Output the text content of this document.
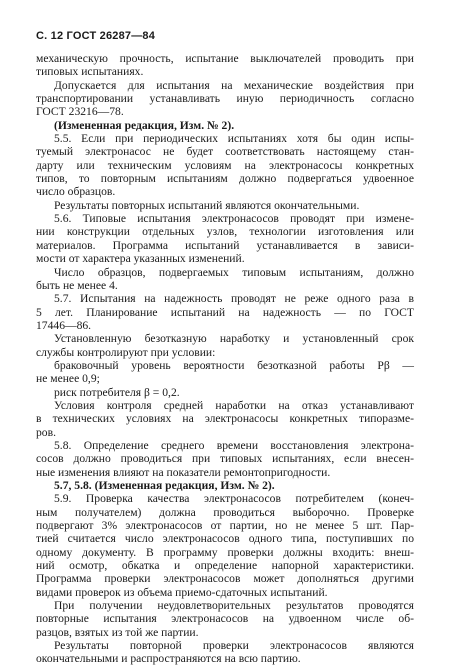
С. 12 ГОСТ 26287—84
механическую прочность, испытание выключателей проводить при
типовых испытаниях.
Допускается для испытания на механические воздействия при
транспортировании устанавливать иную периодичность согласно
ГОСТ 23216—78.
(Измененная редакция, Изм. № 2).
5.5. Если при периодических испытаниях хотя бы один испы-
туемый электронасос не будет соответствовать настоящему стан-
дарту или техническим условиям на электронасосы конкретных
типов, то повторным испытаниям должно подвергаться удвоенное
число образцов.
Результаты повторных испытаний являются окончательными.
5.6. Типовые испытания электронасосов проводят при измене-
нии конструкции отдельных узлов, технологии изготовления или
материалов. Программа испытаний устанавливается в зависи-
мости от характера указанных изменений.
Число образцов, подвергаемых типовым испытаниям, должно
быть не менее 4.
5.7. Испытания на надежность проводят не реже одного раза в
5 лет. Планирование испытаний на надежность — по ГОСТ
17446—86.
Установленную безотказную наработку и установленный срок
службы контролируют при условии:
браковочный уровень вероятности безотказной работы Pβ —
не менее 0,9;
риск потребителя β = 0,2.
Условия контроля средней наработки на отказ устанавливают
в технических условиях на электронасосы конкретных типоразме-
ров.
5.8. Определение среднего времени восстановления электрона-
сосов должно проводиться при типовых испытаниях, если внесен-
ные изменения влияют на показатели ремонтопригодности.
5.7, 5.8. (Измененная редакция, Изм. № 2).
5.9. Проверка качества электронасосов потребителем (конеч-
ным получателем) должна проводиться выборочно. Проверке
подвергают 3% электронасосов от партии, но не менее 5 шт. Пар-
тией считается число электронасосов одного типа, поступивших по
одному документу. В программу проверки должны входить: внеш-
ний осмотр, обкатка и определение напорной характеристики.
Программа проверки электронасосов может дополняться другими
видами проверок из объема приемо-сдаточных испытаний.
При получении неудовлетворительных результатов проводятся
повторные испытания электронасосов на удвоенном числе об-
разцов, взятых из той же партии.
Результаты повторной проверки электронасосов являются
окончательными и распространяются на всю партию.
